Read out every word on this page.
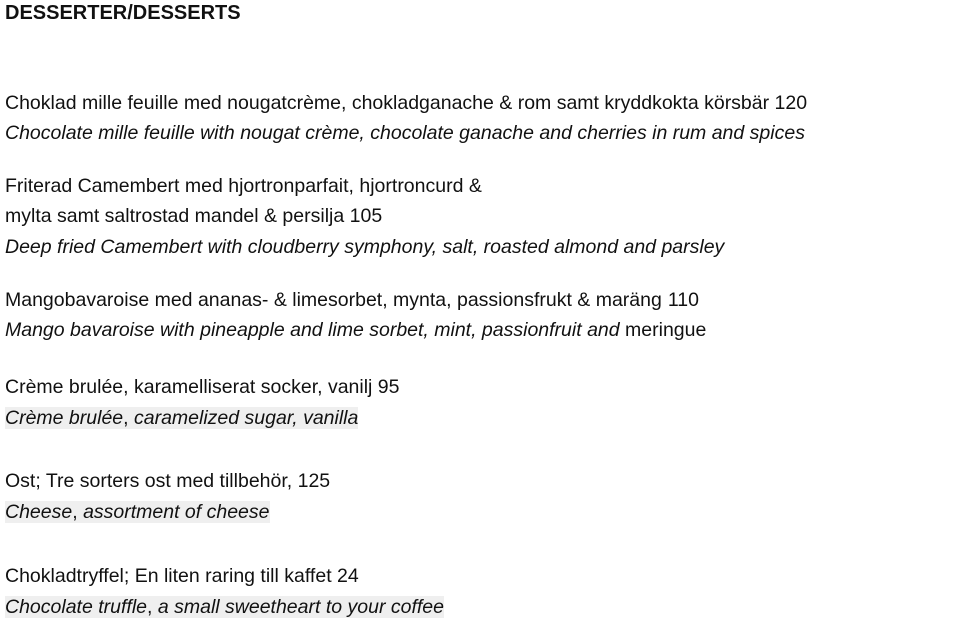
DESSERTER/DESSERTS
Choklad mille feuille med nougatcrème, chokladganache & rom samt kryddkokta körsbär 120
Chocolate mille feuille with nougat crème, chocolate ganache and cherries in rum and spices
Friterad Camembert med hjortronparfait, hjortroncurd &
mylta samt saltrostad mandel & persilja 105
Deep fried Camembert with cloudberry symphony, salt, roasted almond and parsley
Mangobavaroise med ananas- & limesorbet, mynta, passionsfrukt & maräng 110
Mango bavaroise with pineapple and lime sorbet, mint, passionfruit and meringue
Crème brulée, karamelliserat socker, vanilj 95
Crème brulée, caramelized sugar, vanilla
Ost; Tre sorters ost med tillbehör, 125
Cheese, assortment of cheese
Chokladtryffel; En liten raring till kaffet 24
Chocolate truffle, a small sweetheart to your coffee
